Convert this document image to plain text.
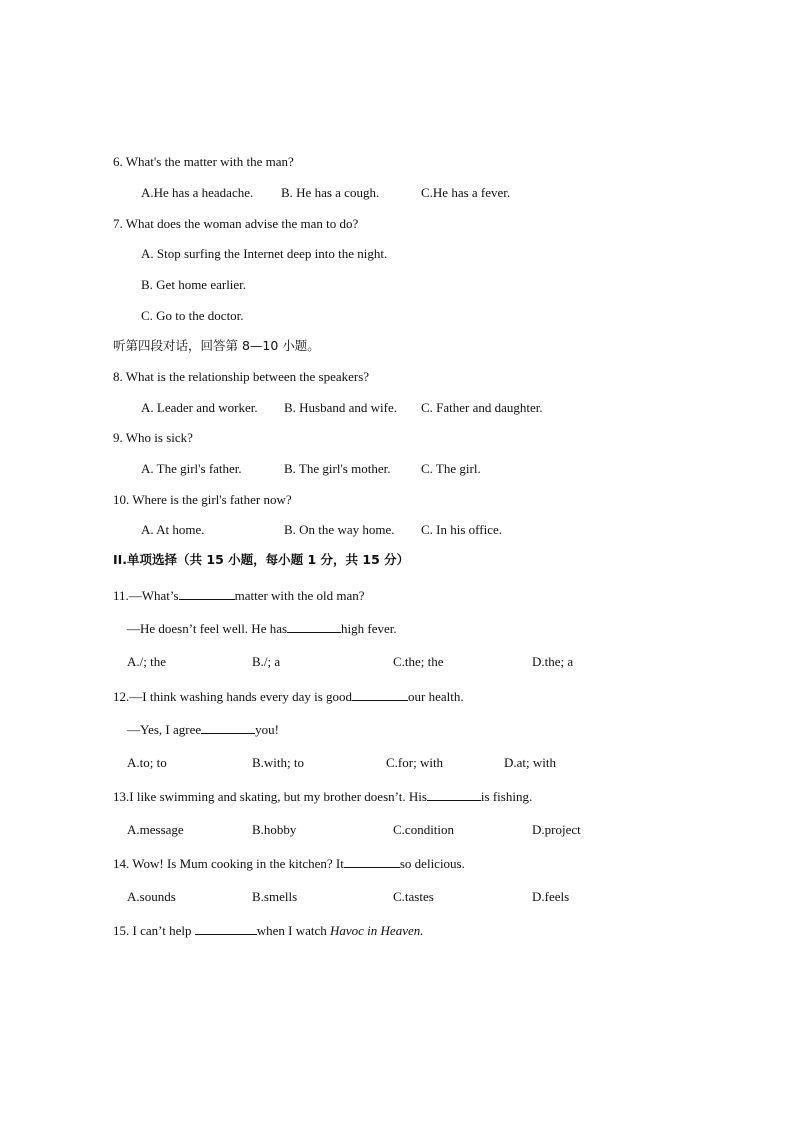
6. What's the matter with the man?
A.He has a headache. B. He has a cough.	C.He has a fever.
7. What does the woman advise the man to do?
A. Stop surfing the Internet deep into the night.
B. Get home earlier.
C. Go to the doctor.
听第四段对话，回答第 8—10 小题。
8. What is the relationship between the speakers?
A. Leader and worker. B. Husband and wife. C. Father and daughter.
9. Who is sick?
A. The girl's father.	B. The girl's mother. C. The girl.
10. Where is the girl's father now?
A. At home.	B. On the way home. C. In his office.
II.单项选择（共 15 小题，每小题 1 分，共 15 分）
11.—What’s	matter with the old man?
—He doesn’t feel well. He has	high fever.
A./; the	B./; a	C.the; the	D.the; a
12.—I think washing hands every day is good	our health.
—Yes, I agree	you!
A.to; to	B.with; to	C.for; with	D.at; with
13.I like swimming and skating, but my brother doesn’t. His	is fishing.
A.message	B.hobby	C.condition	D.project
14. Wow! Is Mum cooking in the kitchen? It	so delicious.
A.sounds	B.smells	C.tastes	D.feels
15. I can’t help	when I watch Havoc in Heaven.
